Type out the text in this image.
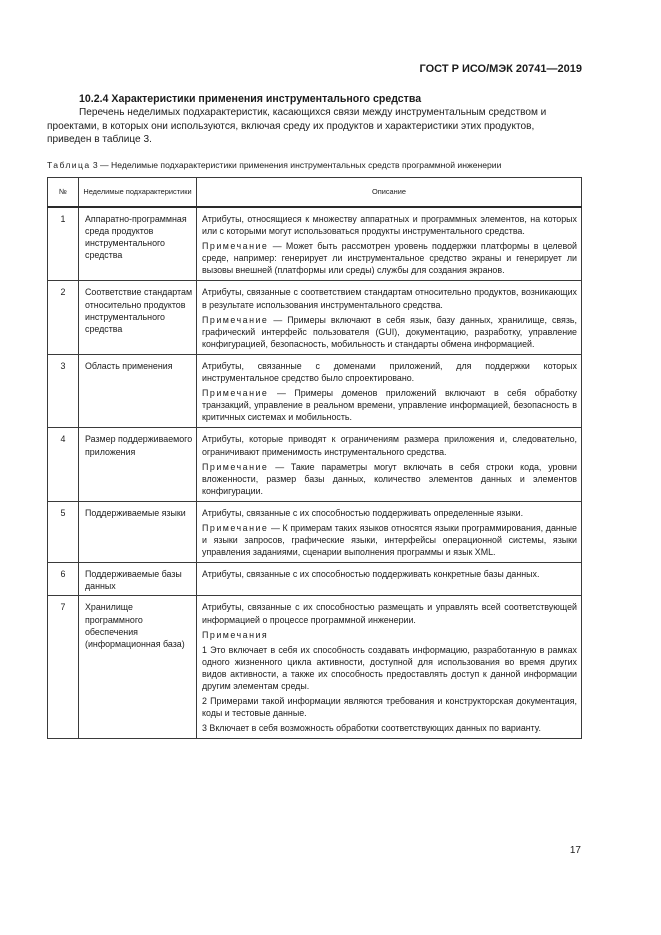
ГОСТ Р ИСО/МЭК 20741—2019
10.2.4 Характеристики применения инструментального средства

Перечень неделимых подхарактеристик, касающихся связи между инструментальным средством и проектами, в которых они используются, включая среду их продуктов и характеристики этих продуктов, приведен в таблице 3.

Таблица 3 — Неделимые подхарактеристики применения инструментальных средств программной инженерии
№	Неделимые подхарактеристики	Описание
1	Аппаратно-программная среда продуктов инструментального средства	Атрибуты, относящиеся к множеству аппаратных и программных элементов, на которых или с которыми могут использоваться продукты инструментального средства.

Примечание — Может быть рассмотрен уровень поддержки платформы в целевой среде, например: генерирует ли инструментальное средство экраны и генерирует ли вызовы внешней (платформы или среды) службы для создания экранов.

2	Соответствие стандартам относительно продуктов инструментального средства	Атрибуты, связанные с соответствием стандартам относительно продуктов, возникающих в результате использования инструментального средства.

Примечание — Примеры включают в себя язык, базу данных, хранилище, связь, графический интерфейс пользователя (GUI), документацию, разработку, управление конфигурацией, безопасность, мобильность и стандарты обмена информацией.

3	Область применения	Атрибуты, связанные с доменами приложений, для поддержки которых инструментальное средство было спроектировано.

Примечание — Примеры доменов приложений включают в себя обработку транзакций, управление в реальном времени, управление информацией, безопасность в критичных системах и мобильность.

4	Размер поддерживаемого приложения	Атрибуты, которые приводят к ограничениям размера приложения и, следовательно, ограничивают применимость инструментального средства.

Примечание — Такие параметры могут включать в себя строки кода, уровни вложенности, размер базы данных, количество элементов данных и элементов конфигурации.

5	Поддерживаемые языки	Атрибуты, связанные с их способностью поддерживать определенные языки.

Примечание — К примерам таких языков относятся языки программирования, данные и языки запросов, графические языки, интерфейсы операционной системы, языки управления заданиями, сценарии выполнения программы и язык XML.

6	Поддерживаемые базы данных	Атрибуты, связанные с их способностью поддерживать конкретные базы данных.

7	Хранилище программного обеспечения (информационная база)	Атрибуты, связанные с их способностью размещать и управлять всей соответствующей информацией о процессе программной инженерии.

Примечания

1 Это включает в себя их способность создавать информацию, разработанную в рамках одного жизненного цикла активности, доступной для использования во время других видов активности, а также их способность предоставлять доступ к данной информации другим элементам среды.

2 Примерами такой информации являются требования и конструкторская документация, коды и тестовые данные.

3 Включает в себя возможность обработки соответствующих данных по вариантy.

17
